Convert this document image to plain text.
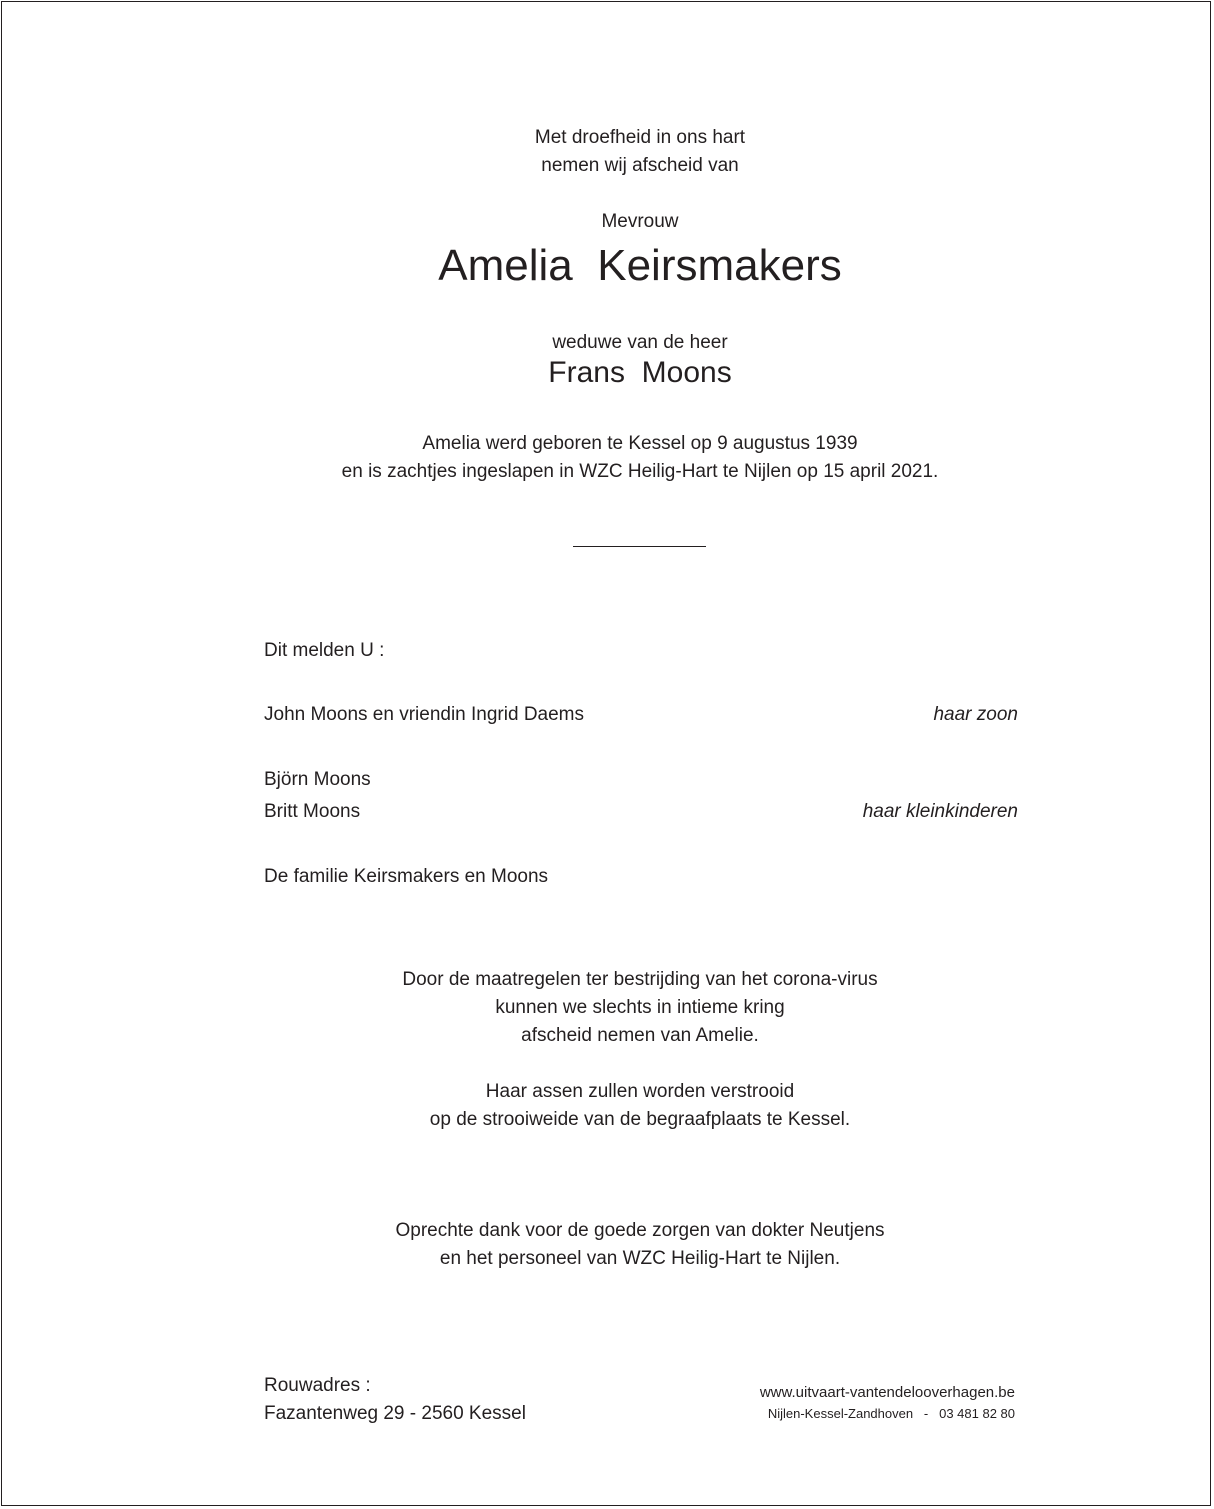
Met droefheid in ons hart
nemen wij afscheid van
Mevrouw
Amelia  Keirsmakers
weduwe van de heer
Frans  Moons
Amelia werd geboren te Kessel op 9 augustus 1939
en is zachtjes ingeslapen in WZC Heilig-Hart te Nijlen op 15 april 2021.
Dit melden U :
John Moons en vriendin Ingrid Daems	haar zoon
Björn Moons
Britt Moons	haar kleinkinderen
De familie Keirsmakers en Moons
Door de maatregelen ter bestrijding van het corona-virus
kunnen we slechts in intieme kring
afscheid nemen van Amelie.
Haar assen zullen worden verstrooid
op de strooiweide van de begraafplaats te Kessel.
Oprechte dank voor de goede zorgen van dokter Neutjens
en het personeel van WZC Heilig-Hart te Nijlen.
Rouwadres :
Fazantenweg 29 - 2560 Kessel
www.uitvaart-vantendelooverhagen.be
Nijlen-Kessel-Zandhoven   -   03 481 82 80
